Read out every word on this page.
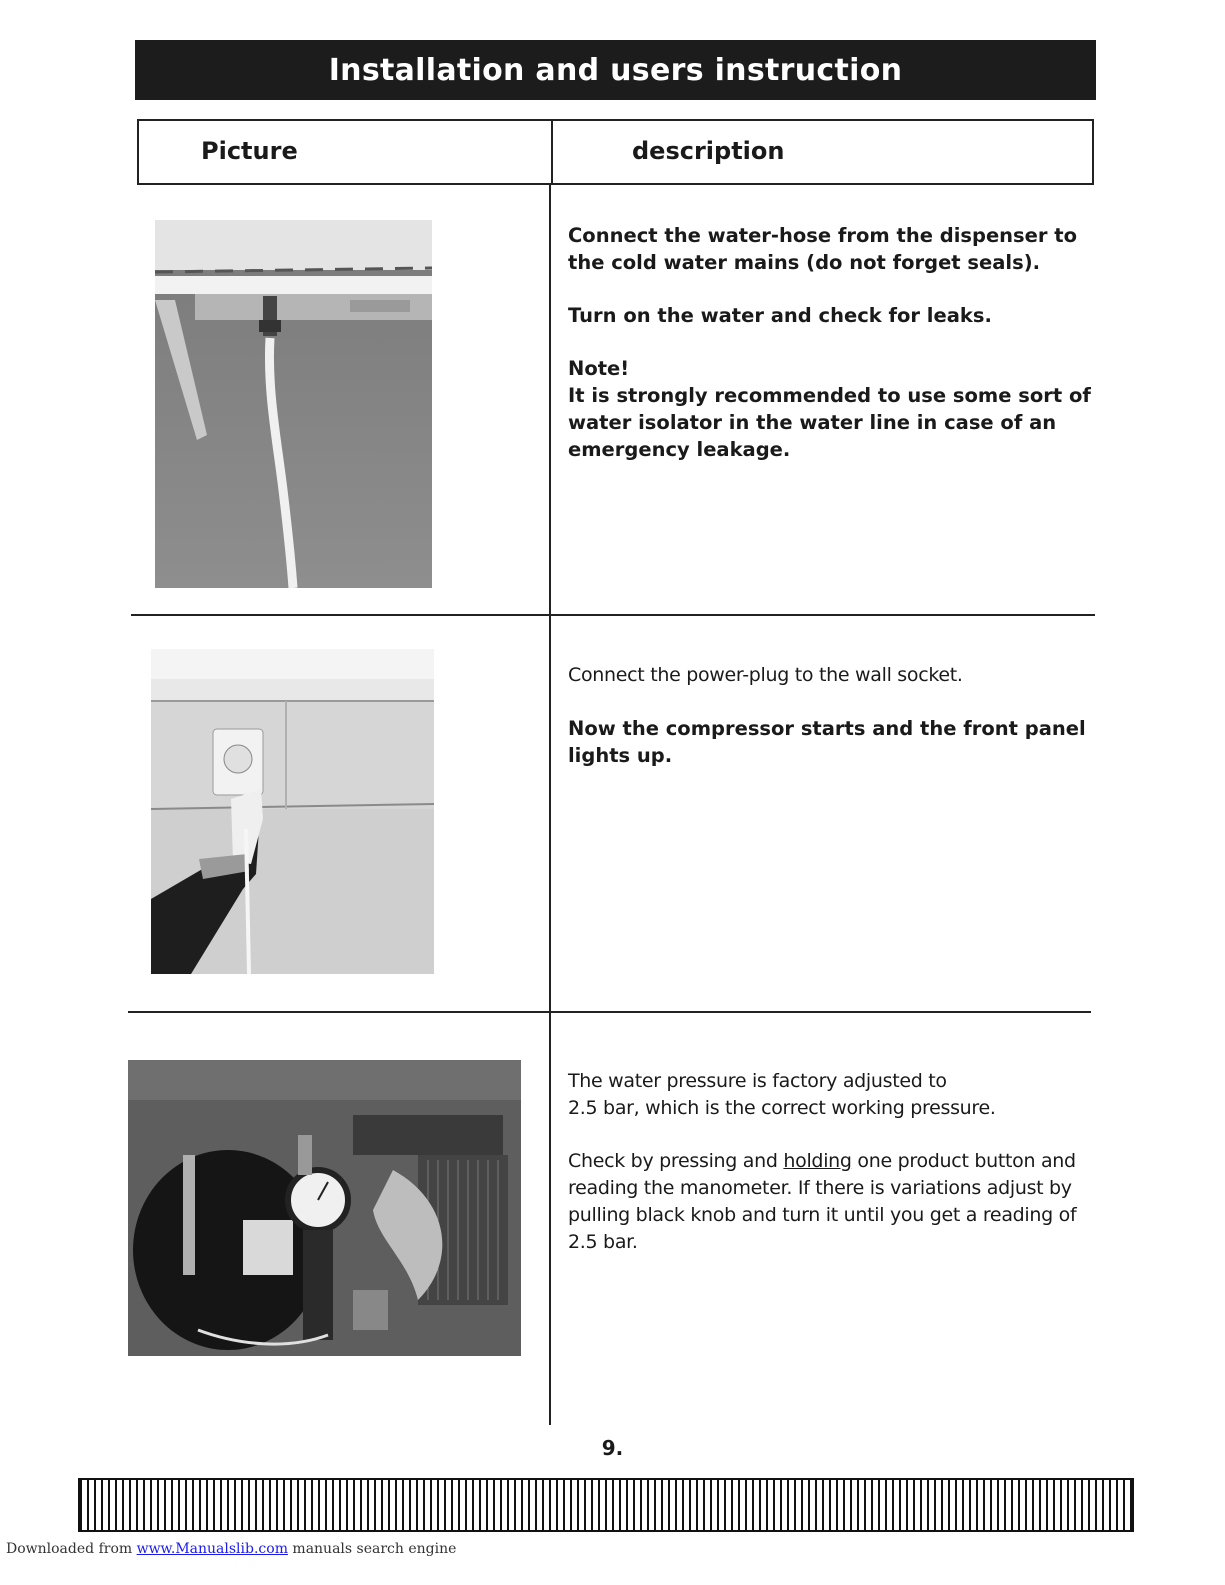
Installation and users instruction
Picture	description

Connect the water-hose from the dispenser to the cold water mains (do not forget seals).

Turn on the water and check for leaks.

Note!

It is strongly recommended to use some sort of water isolator in the water line in case of an emergency leakage.

Connect the power-plug to the wall socket.

Now the compressor starts and the front panel lights up.

The water pressure is factory adjusted to
2.5 bar, which is the correct working pressure.

Check by pressing and holding one product button and reading the manometer. If there is variations adjust by pulling black knob and turn it until you get a reading of 2.5 bar.

9.
Downloaded from www.Manualslib.com manuals search engine
